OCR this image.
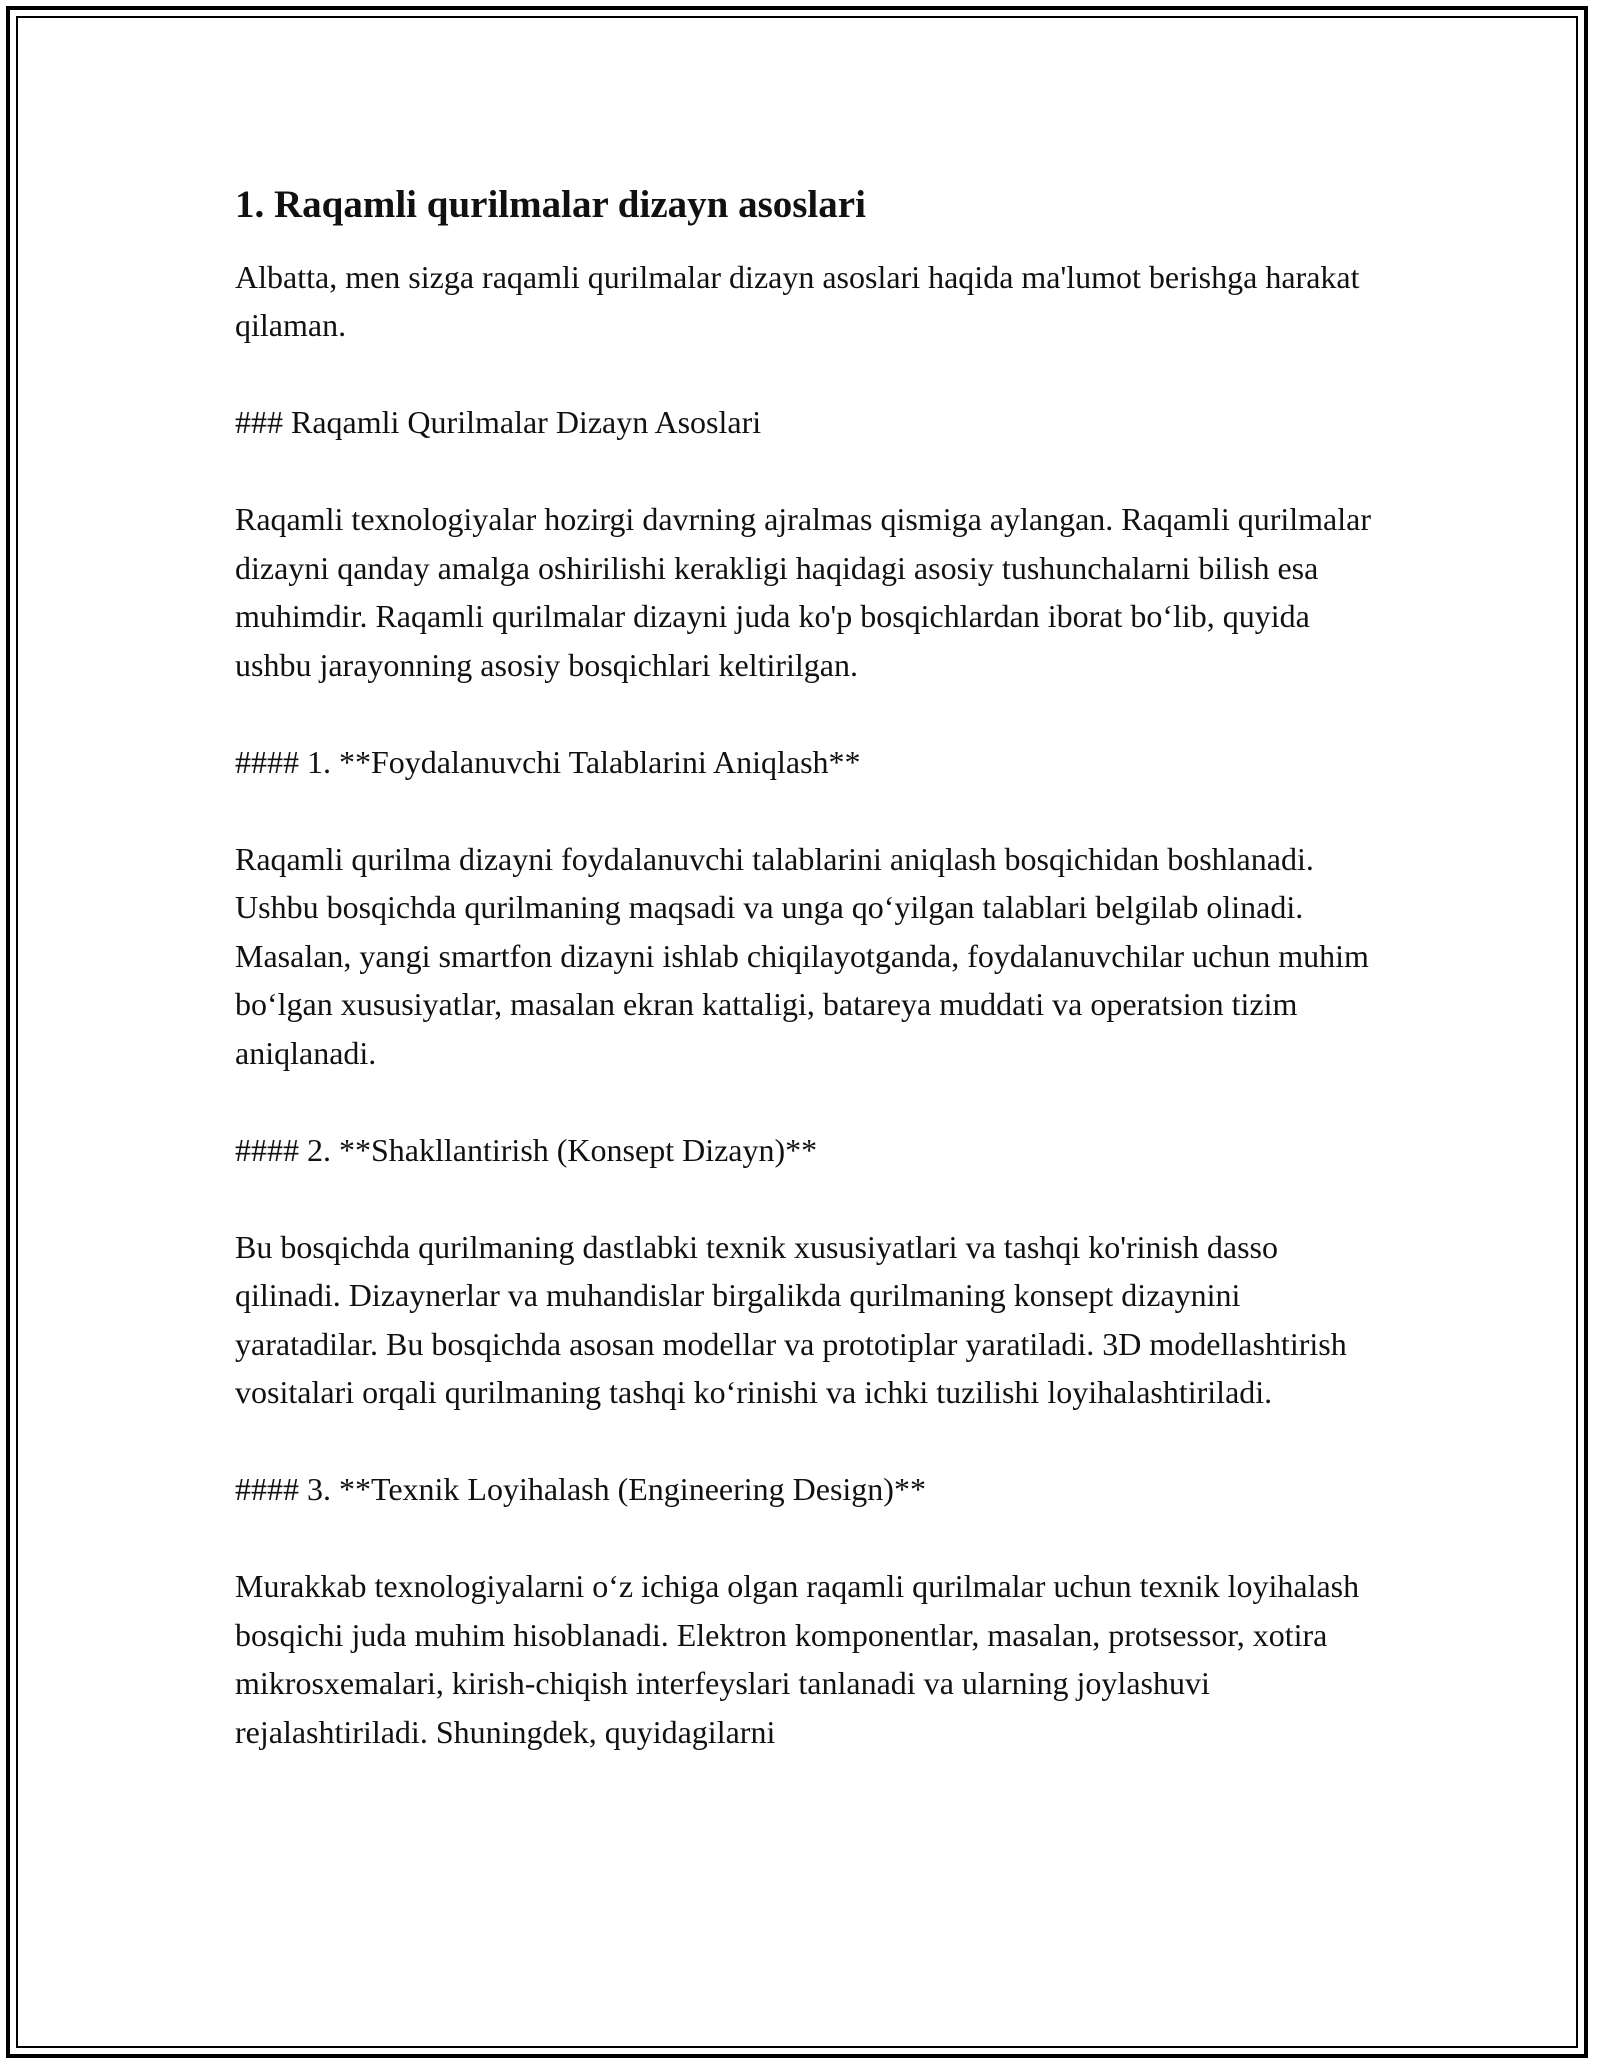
1. Raqamli qurilmalar dizayn asoslari

Albatta, men sizga raqamli qurilmalar dizayn asoslari haqida ma'lumot berishga harakat qilaman.

### Raqamli Qurilmalar Dizayn Asoslari

Raqamli texnologiyalar hozirgi davrning ajralmas qismiga aylangan. Raqamli qurilmalar dizayni qanday amalga oshirilishi kerakligi haqidagi asosiy tushunchalarni bilish esa muhimdir. Raqamli qurilmalar dizayni juda ko'p bosqichlardan iborat bo‘lib, quyida ushbu jarayonning asosiy bosqichlari keltirilgan.

#### 1. **Foydalanuvchi Talablarini Aniqlash**

Raqamli qurilma dizayni foydalanuvchi talablarini aniqlash bosqichidan boshlanadi. Ushbu bosqichda qurilmaning maqsadi va unga qo‘yilgan talablari belgilab olinadi. Masalan, yangi smartfon dizayni ishlab chiqilayotganda, foydalanuvchilar uchun muhim bo‘lgan xususiyatlar, masalan ekran kattaligi, batareya muddati va operatsion tizim aniqlanadi.

#### 2. **Shakllantirish (Konsept Dizayn)**

Bu bosqichda qurilmaning dastlabki texnik xususiyatlari va tashqi ko'rinish dasso qilinadi. Dizaynerlar va muhandislar birgalikda qurilmaning konsept dizaynini yaratadilar. Bu bosqichda asosan modellar va prototiplar yaratiladi. 3D modellashtirish vositalari orqali qurilmaning tashqi ko‘rinishi va ichki tuzilishi loyihalashtiriladi.

#### 3. **Texnik Loyihalash (Engineering Design)**

Murakkab texnologiyalarni o‘z ichiga olgan raqamli qurilmalar uchun texnik loyihalash bosqichi juda muhim hisoblanadi. Elektron komponentlar, masalan, protsessor, xotira mikrosxemalari, kirish-chiqish interfeyslari tanlanadi va ularning joylashuvi rejalashtiriladi. Shuningdek, quyidagilarni
